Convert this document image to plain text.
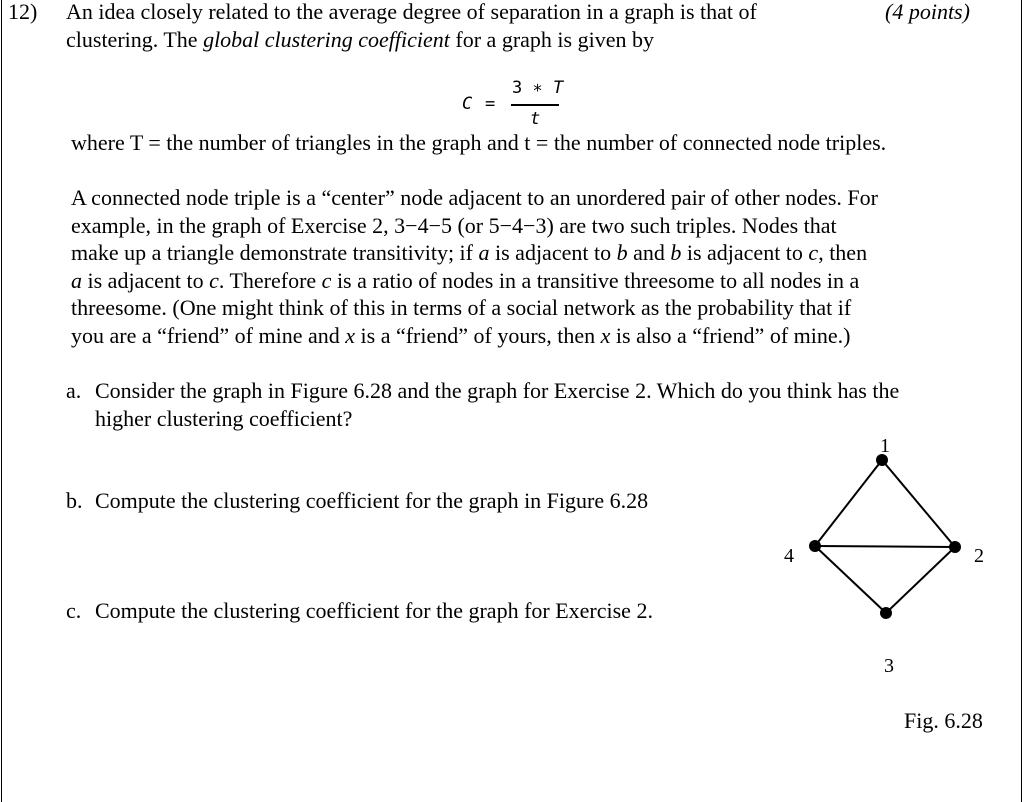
12)	(4 points)
An idea closely related to the average degree of separation in a graph is that of
clustering. The global clustering coefficient for a graph is given by
C =
3 ∗ T
t
where T = the number of triangles in the graph and t = the number of connected node triples.
A connected node triple is a “center” node adjacent to an unordered pair of other nodes. For
example, in the graph of Exercise 2, 3−4−5 (or 5−4−3) are two such triples. Nodes that
make up a triangle demonstrate transitivity; if a is adjacent to b and b is adjacent to c, then
a is adjacent to c. Therefore c is a ratio of nodes in a transitive threesome to all nodes in a
threesome. (One might think of this in terms of a social network as the probability that if
you are a “friend” of mine and x is a “friend” of yours, then x is also a “friend” of mine.)
a. Consider the graph in Figure 6.28 and the graph for Exercise 2. Which do you think has the
higher clustering coefficient?
b. Compute the clustering coefficient for the graph in Figure 6.28
c. Compute the clustering coefficient for the graph for Exercise 2.
1
2
3
4
Fig. 6.28
